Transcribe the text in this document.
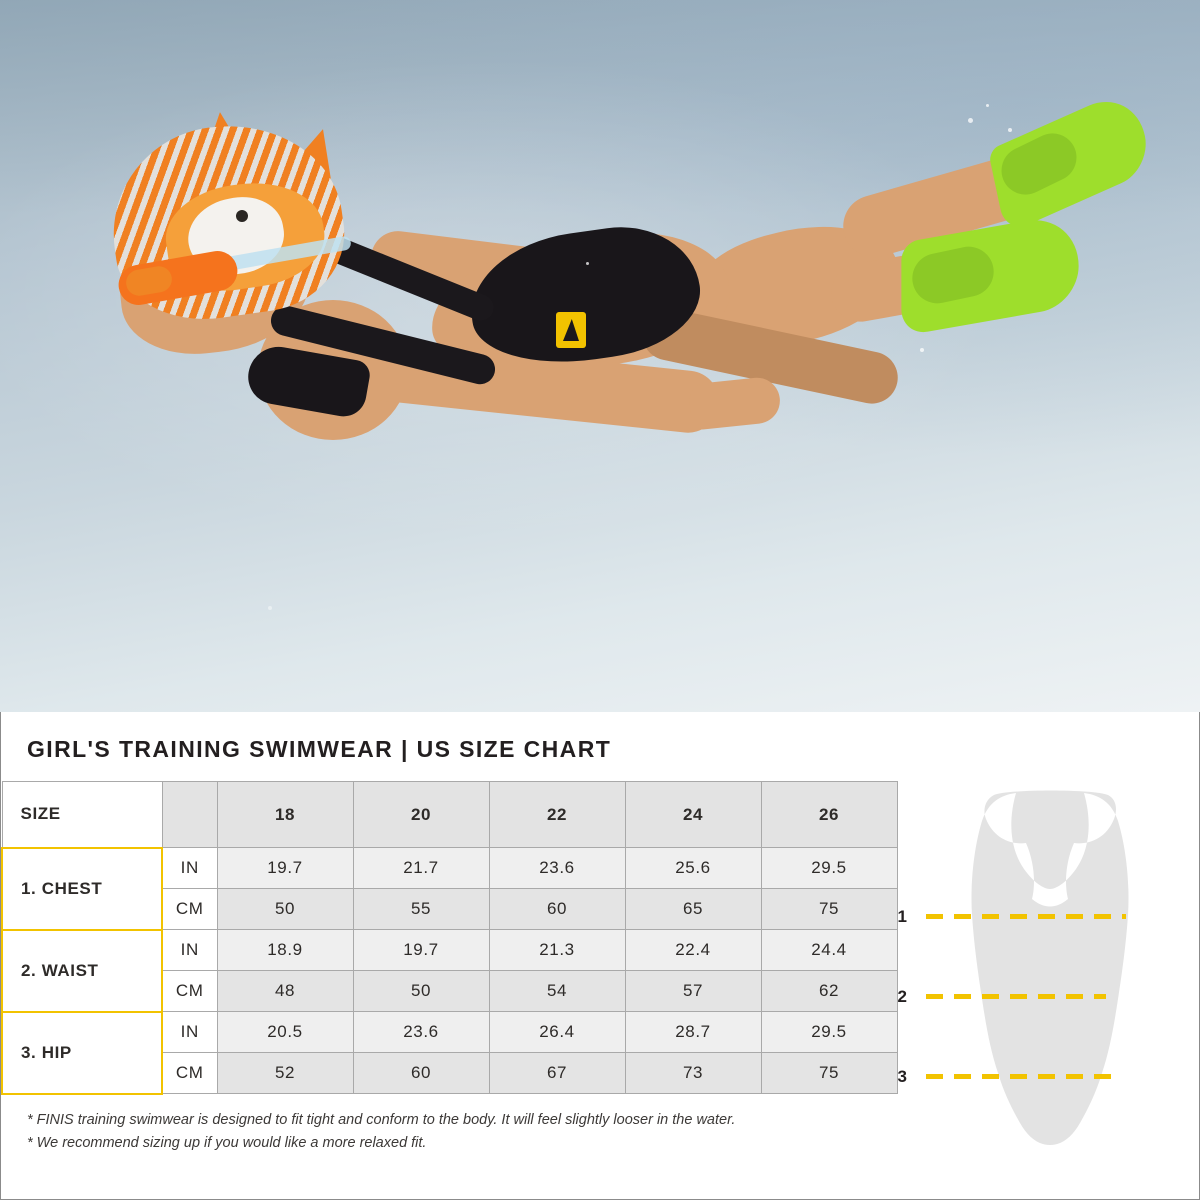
GIRL'S TRAINING SWIMWEAR | US SIZE CHART
SIZE		18	20	22	24	26
1. CHEST	IN	19.7	21.7	23.6	25.6	29.5
	CM	50	55	60	65	75
2. WAIST	IN	18.9	19.7	21.3	22.4	24.4
	CM	48	50	54	57	62
3. HIP	IN	20.5	23.6	26.4	28.7	29.5
	CM	52	60	67	73	75
1
2
3
* FINIS training swimwear is designed to fit tight and conform to the body. It will feel slightly looser in the water.
* We recommend sizing up if you would like a more relaxed fit.
